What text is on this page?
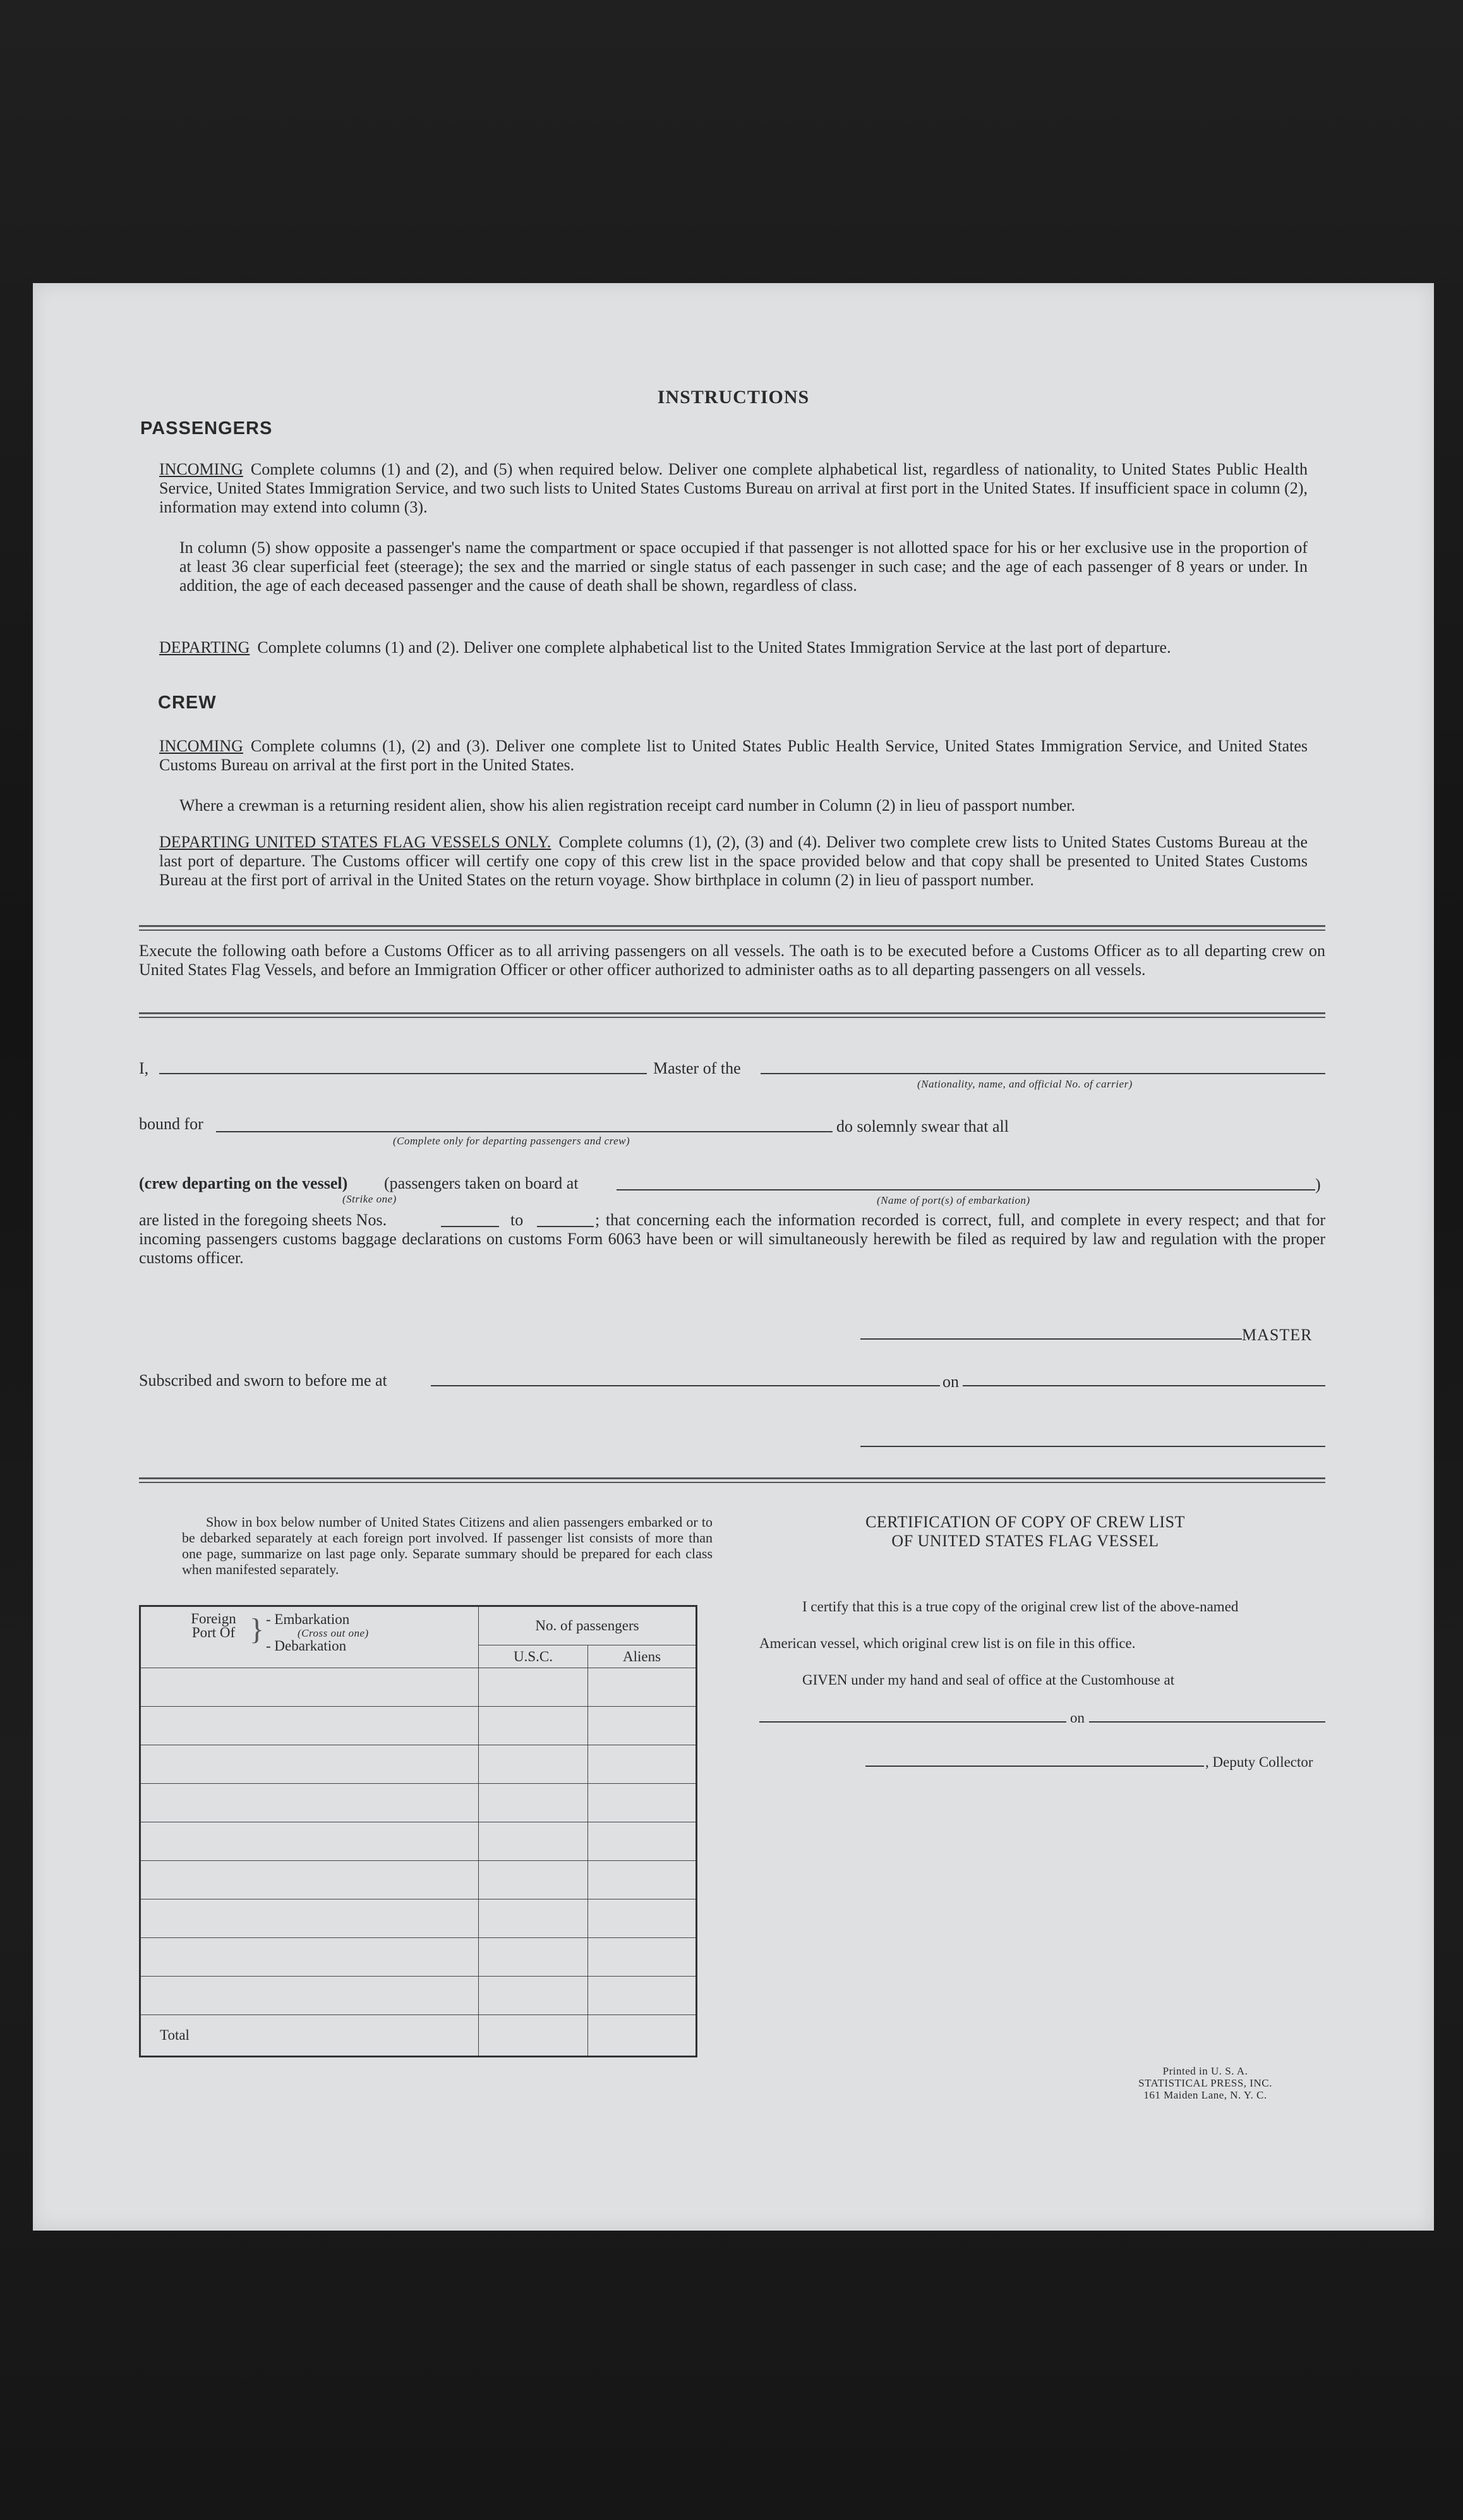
INSTRUCTIONS
PASSENGERS
INCOMING Complete columns (1) and (2), and (5) when required below. Deliver one complete alphabetical list, regardless of nationality, to United States Public Health Service, United States Immigration Service, and two such lists to United States Customs Bureau on arrival at first port in the United States. If insufficient space in column (2), information may extend into column (3).
In column (5) show opposite a passenger's name the compartment or space occupied if that passenger is not allotted space for his or her exclusive use in the proportion of at least 36 clear superficial feet (steerage); the sex and the married or single status of each passenger in such case; and the age of each passenger of 8 years or under. In addition, the age of each deceased passenger and the cause of death shall be shown, regardless of class.
DEPARTING Complete columns (1) and (2). Deliver one complete alphabetical list to the United States Immigration Service at the last port of departure.
CREW
INCOMING Complete columns (1), (2) and (3). Deliver one complete list to United States Public Health Service, United States Immigration Service, and United States Customs Bureau on arrival at the first port in the United States.
Where a crewman is a returning resident alien, show his alien registration receipt card number in Column (2) in lieu of passport number.
DEPARTING UNITED STATES FLAG VESSELS ONLY. Complete columns (1), (2), (3) and (4). Deliver two complete crew lists to United States Customs Bureau at the last port of departure. The Customs officer will certify one copy of this crew list in the space provided below and that copy shall be presented to United States Customs Bureau at the first port of arrival in the United States on the return voyage. Show birthplace in column (2) in lieu of passport number.
Execute the following oath before a Customs Officer as to all arriving passengers on all vessels. The oath is to be executed before a Customs Officer as to all departing crew on United States Flag Vessels, and before an Immigration Officer or other officer authorized to administer oaths as to all departing passengers on all vessels.
I,	Master of the
(Nationality, name, and official No. of carrier)
bound for
(Complete only for departing passengers and crew)
do solemnly swear that all
(crew departing on the vessel) (passengers taken on board at
(Strike one)
)
(Name of port(s) of embarkation)
are listed in the foregoing sheets Nos.	to	; that concerning each the information recorded is correct, full, and complete in every respect; and that for incoming passengers customs baggage declarations on customs Form 6063 have been or will simultaneously herewith be filed as required by law and regulation with the proper customs officer.
MASTER
Subscribed and sworn to before me at	on
Show in box below number of United States Citizens and alien passengers embarked or to be debarked separately at each foreign port involved. If passenger list consists of more than one page, summarize on last page only. Separate summary should be prepared for each class when manifested separately.
Foreign Port Of } - Embarkation
(Cross out one)
- Debarkation	No. of passengers	
	U.S.C.	Aliens

Total		
CERTIFICATION OF COPY OF CREW LIST
OF UNITED STATES FLAG VESSEL
I certify that this is a true copy of the original crew list of the above-named
American vessel, which original crew list is on file in this office.
GIVEN under my hand and seal of office at the Customhouse at
on
, Deputy Collector
Printed in U. S. A.
STATISTICAL PRESS, INC.
161 Maiden Lane, N. Y. C.
